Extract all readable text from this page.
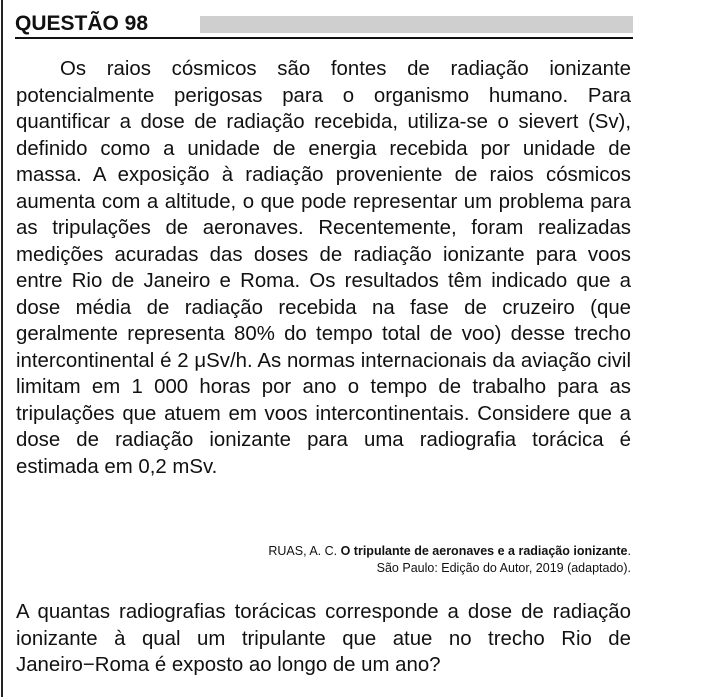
QUESTÃO 98

Os raios cósmicos são fontes de radiação ionizante potencialmente perigosas para o organismo humano. Para quantificar a dose de radiação recebida, utiliza-se o sievert (Sv), definido como a unidade de energia recebida por unidade de massa. A exposição à radiação proveniente de raios cósmicos aumenta com a altitude, o que pode representar um problema para as tripulações de aeronaves. Recentemente, foram realizadas medições acuradas das doses de radiação ionizante para voos entre Rio de Janeiro e Roma. Os resultados têm indicado que a dose média de radiação recebida na fase de cruzeiro (que geralmente representa 80% do tempo total de voo) desse trecho intercontinental é 2 μSv/h. As normas internacionais da aviação civil limitam em 1 000 horas por ano o tempo de trabalho para as tripulações que atuem em voos intercontinentais. Considere que a dose de radiação ionizante para uma radiografia torácica é estimada em 0,2 mSv.

RUAS, A. C. O tripulante de aeronaves e a radiação ionizante.
São Paulo: Edição do Autor, 2019 (adaptado).

A quantas radiografias torácicas corresponde a dose de radiação ionizante à qual um tripulante que atue no trecho Rio de Janeiro−Roma é exposto ao longo de um ano?
